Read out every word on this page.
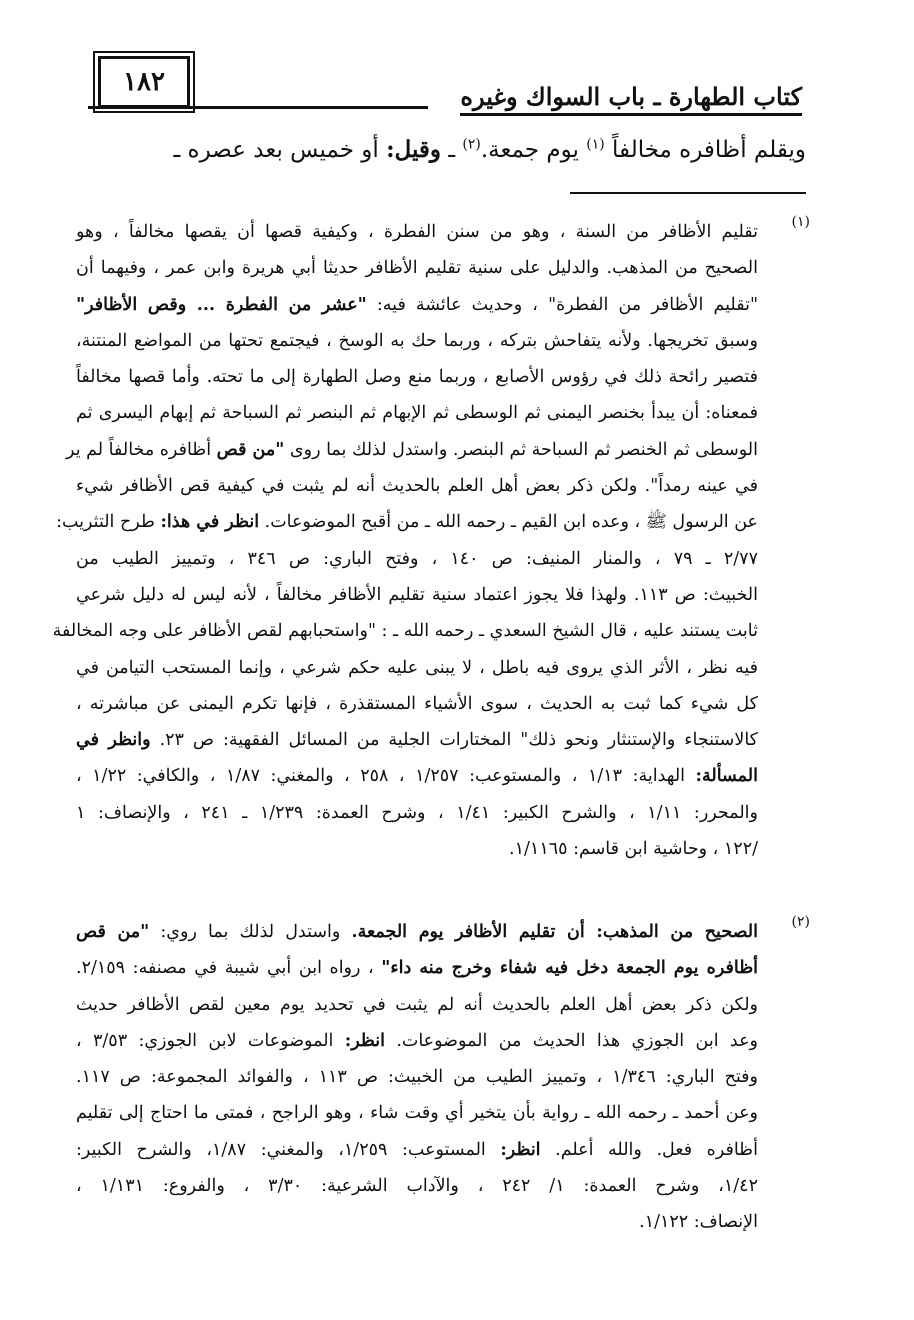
١٨٢	كتاب الطهارة ـ باب السواك وغيره
ويقلم أظافره مخالفاً $^{(١)}$ يوم جمعة.$^{(٢)}$ ـ وقيل: أو خميس بعد عصره ـ
(١)
تقليم الأظافر من السنة ، وهو من سنن الفطرة ، وكيفية قصها أن يقصها مخالفاً ، وهو
الصحيح من المذهب. والدليل على سنية تقليم الأظافر حديثا أبي هريرة وابن عمر ، وفيهما أن
"تقليم الأظافر من الفطرة" ، وحديث عائشة فيه: "عشر من الفطرة ... وقص الأظافر"
وسبق تخريجها. ولأنه يتفاحش بتركه ، وربما حك به الوسخ ، فيجتمع تحتها من المواضع المنتنة،
فتصير رائحة ذلك في رؤوس الأصابع ، وربما منع وصل الطهارة إلى ما تحته. وأما قصها مخالفاً
فمعناه: أن يبدأ بخنصر اليمنى ثم الوسطى ثم الإبهام ثم البنصر ثم السباحة ثم إبهام اليسرى ثم
الوسطى ثم الخنصر ثم السباحة ثم البنصر. واستدل لذلك بما روى "من قص أظافره مخالفاً لم ير
في عينه رمداً". ولكن ذكر بعض أهل العلم بالحديث أنه لم يثبت في كيفية قص الأظافر شيء
عن الرسول ﷺ ، وعده ابن القيم ـ رحمه الله ـ من أقبح الموضوعات. انظر في هذا: طرح التثريب:
٢/٧٧ ـ ٧٩ ، والمنار المنيف: ص ١٤٠ ، وفتح الباري: ص ٣٤٦ ، وتمييز الطيب من
الخبيث: ص ١١٣. ولهذا فلا يجوز اعتماد سنية تقليم الأظافر مخالفاً ، لأنه ليس له دليل شرعي
ثابت يستند عليه ، قال الشيخ السعدي ـ رحمه الله ـ : "واستحبابهم لقص الأظافر على وجه المخالفة
فيه نظر ، الأثر الذي يروى فيه باطل ، لا يبنى عليه حكم شرعي ، وإنما المستحب التيامن في
كل شيء كما ثبت به الحديث ، سوى الأشياء المستقذرة ، فإنها تكرم اليمنى عن مباشرته ،
كالاستنجاء والإستنثار ونحو ذلك" المختارات الجلية من المسائل الفقهية: ص ٢٣. وانظر في
المسألة: الهداية: ١/١٣ ، والمستوعب: ١/٢٥٧ ، ٢٥٨ ، والمغني: ١/٨٧ ، والكافي: ١/٢٢ ،
والمحرر: ١/١١ ، والشرح الكبير: ١/٤١ ، وشرح العمدة: ١/٢٣٩ ـ ٢٤١ ، والإنصاف: ١
/١٢٢ ، وحاشية ابن قاسم: ١/١١٦٥.
(٢)
الصحيح من المذهب: أن تقليم الأظافر يوم الجمعة. واستدل لذلك بما روي: "من قص
أظافره يوم الجمعة دخل فيه شفاء وخرج منه داء" ، رواه ابن أبي شيبة في مصنفه: ٢/١٥٩.
ولكن ذكر بعض أهل العلم بالحديث أنه لم يثبت في تحديد يوم معين لقص الأظافر حديث
وعد ابن الجوزي هذا الحديث من الموضوعات. انظر: الموضوعات لابن الجوزي: ٣/٥٣ ،
وفتح الباري: ١/٣٤٦ ، وتمييز الطيب من الخبيث: ص ١١٣ ، والفوائد المجموعة: ص ١١٧.
وعن أحمد ـ رحمه الله ـ رواية بأن يتخير أي وقت شاء ، وهو الراجح ، فمتى ما احتاج إلى تقليم
أظافره فعل. والله أعلم. انظر: المستوعب: ١/٢٥٩، والمغني: ١/٨٧، والشرح الكبير:
١/٤٢، وشرح العمدة: ١/ ٢٤٢ ، والآداب الشرعية: ٣/٣٠ ، والفروع: ١/١٣١ ،
الإنصاف: ١/١٢٢.
